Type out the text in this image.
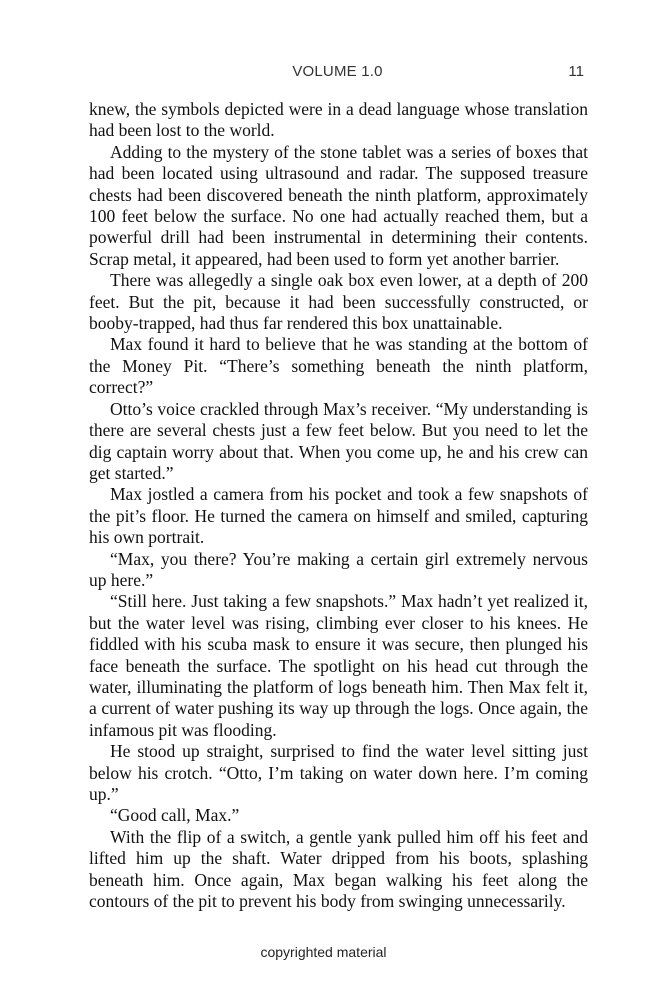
VOLUME 1.0	11

knew, the symbols depicted were in a dead language whose translation had been lost to the world.

Adding to the mystery of the stone tablet was a series of boxes that had been located using ultrasound and radar. The supposed treasure chests had been discovered beneath the ninth platform, approximately 100 feet below the surface. No one had actually reached them, but a powerful drill had been instrumental in determining their contents. Scrap metal, it appeared, had been used to form yet another barrier.

There was allegedly a single oak box even lower, at a depth of 200 feet. But the pit, because it had been successfully constructed, or booby-trapped, had thus far rendered this box unattainable.

Max found it hard to believe that he was standing at the bottom of the Money Pit. “There’s something beneath the ninth platform, correct?”

Otto’s voice crackled through Max’s receiver. “My understanding is there are several chests just a few feet below. But you need to let the dig captain worry about that. When you come up, he and his crew can get started.”

Max jostled a camera from his pocket and took a few snapshots of the pit’s floor. He turned the camera on himself and smiled, capturing his own portrait.

“Max, you there? You’re making a certain girl extremely nervous up here.”

“Still here. Just taking a few snapshots.” Max hadn’t yet realized it, but the water level was rising, climbing ever closer to his knees. He fiddled with his scuba mask to ensure it was secure, then plunged his face beneath the surface. The spotlight on his head cut through the water, illuminating the platform of logs beneath him. Then Max felt it, a current of water pushing its way up through the logs. Once again, the infamous pit was flooding.

He stood up straight, surprised to find the water level sitting just below his crotch. “Otto, I’m taking on water down here. I’m coming up.”

“Good call, Max.”

With the flip of a switch, a gentle yank pulled him off his feet and lifted him up the shaft. Water dripped from his boots, splashing beneath him. Once again, Max began walking his feet along the contours of the pit to prevent his body from swinging unnecessarily.

copyrighted material
